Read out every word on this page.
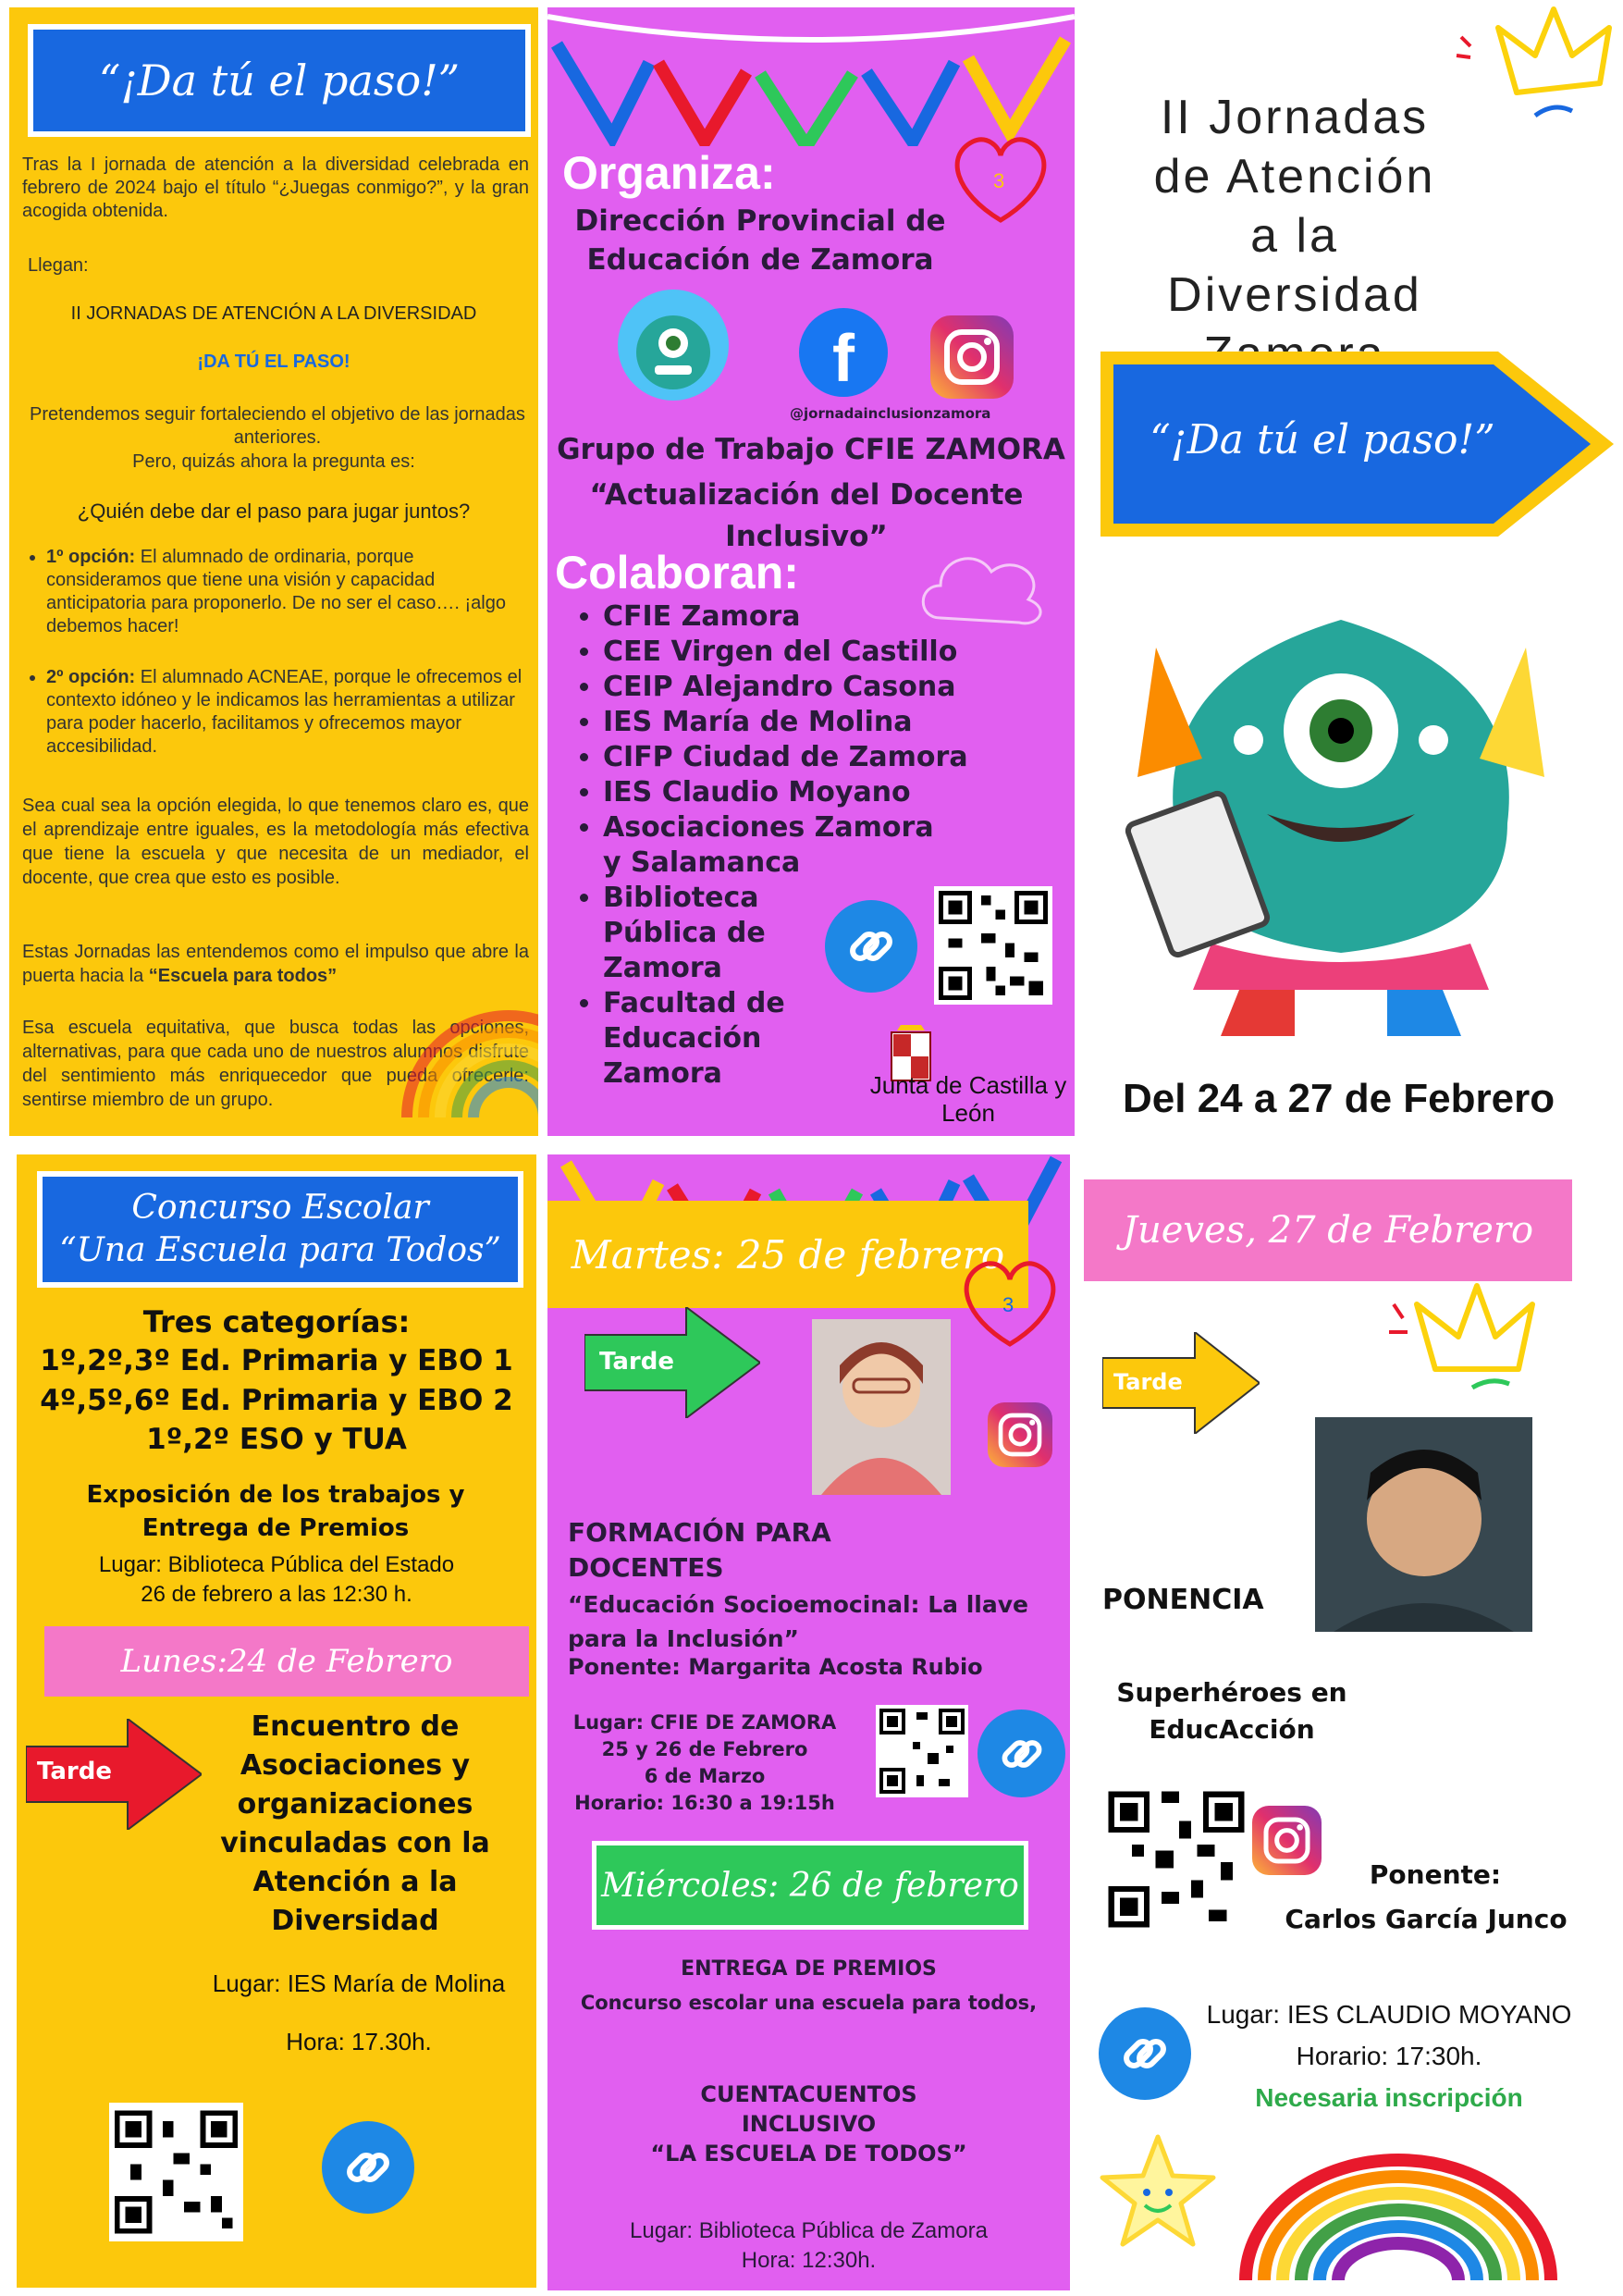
“¡Da tú el paso!”
Tras la I jornada de atención a la diversidad celebrada en febrero de 2024 bajo el título “¿Juegas conmigo?”, y la gran acogida obtenida.
Llegan:
II JORNADAS DE ATENCIÓN A LA DIVERSIDAD
¡DA TÚ EL PASO!
Pretendemos seguir fortaleciendo el objetivo de las jornadas anteriores.
Pero, quizás ahora la pregunta es:
¿Quién debe dar el paso para jugar juntos?
• 1º opción: El alumnado de ordinaria, porque consideramos que tiene una visión y capacidad anticipatoria para proponerlo. De no ser el caso…. ¡algo debemos hacer!
• 2º opción: El alumnado ACNEAE, porque le ofrecemos el contexto idóneo y le indicamos las herramientas a utilizar para poder hacerlo, facilitamos y ofrecemos mayor accesibilidad.
Sea cual sea la opción elegida, lo que tenemos claro es, que el aprendizaje entre iguales, es la metodología más efectiva que tiene la escuela y que necesita de un mediador, el docente, que crea que esto es posible.
Estas Jornadas las entendemos como el impulso que abre la puerta hacia la “Escuela para todos”
Esa escuela equitativa, que busca todas las opciones, alternativas, para que cada uno de nuestros alumnos disfrute del sentimiento más enriquecedor que pueda ofrecerle: sentirse miembro de un grupo.
Organiza:	3
Dirección Provincial de Educación de Zamora
f
@jornadainclusionzamora
Grupo de Trabajo CFIE ZAMORA
“Actualización del Docente Inclusivo”
Colaboran:
• CFIE Zamora
• CEE Virgen del Castillo
• CEIP Alejandro Casona
• IES María de Molina
• CIFP Ciudad de Zamora
• IES Claudio Moyano
• Asociaciones Zamora y Salamanca
• Biblioteca Pública de Zamora
• Facultad de Educación Zamora	Junta de Castilla y León
II Jornadas de Atención a la Diversidad
“¡Da tú el paso!”
Del 24 a 27 de Febrero
Concurso Escolar
“Una Escuela para Todos”
Tres categorías:
1º,2º,3º Ed. Primaria y EBO 1
4º,5º,6º Ed. Primaria y EBO 2
1º,2º ESO y TUA
Exposición de los trabajos y Entrega de Premios
Lugar: Biblioteca Pública del Estado
26 de febrero a las 12:30 h.
Lunes:24 de Febrero
Tarde
Encuentro de Asociaciones y organizaciones vinculadas con la Atención a la Diversidad
Lugar: IES María de Molina
Hora: 17.30h.
Martes: 25 de febrero
3
Tarde
FORMACIÓN PARA DOCENTES
“Educación Socioemocinal: La llave para la Inclusión”
Ponente: Margarita Acosta Rubio
Lugar: CFIE DE ZAMORA
25 y 26 de Febrero
6 de Marzo
Horario: 16:30 a 19:15h
Miércoles: 26 de febrero
ENTREGA DE PREMIOS
Concurso escolar una escuela para todos,
CUENTACUENTOS
INCLUSIVO
“LA ESCUELA DE TODOS”
Lugar: Biblioteca Pública de Zamora
Hora: 12:30h.
Jueves, 27 de Febrero
Tarde
PONENCIA
Superhéroes en EducAcción
Ponente:
Carlos García Junco
Lugar: IES CLAUDIO MOYANO
Horario: 17:30h.
Necesaria inscripción
